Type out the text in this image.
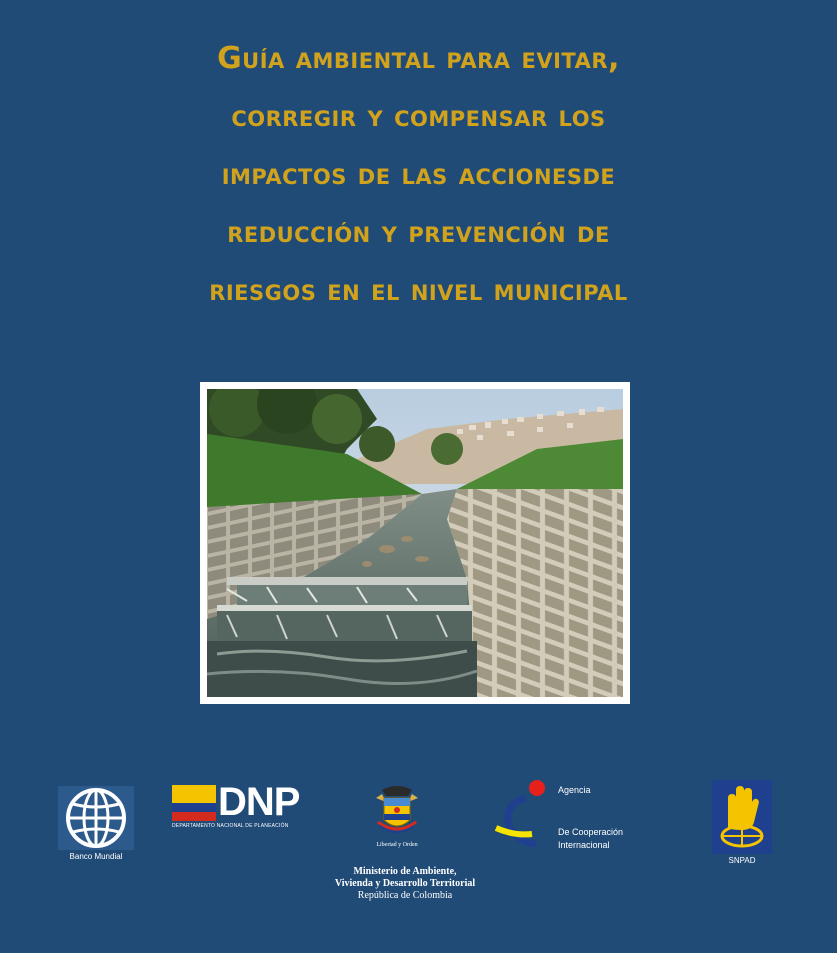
Guía ambiental para evitar,
corregir y compensar los
impactos de las accionesde
reducción y prevención de
riesgos en el nivel municipal
Banco Mundial
DNP
DEPARTAMENTO NACIONAL DE PLANEACIÓN
Libertad y Orden
Ministerio de Ambiente,
Vivienda y Desarrollo Territorial
República de Colombia
Agencia
De Cooperación
Internacional
SNPAD
